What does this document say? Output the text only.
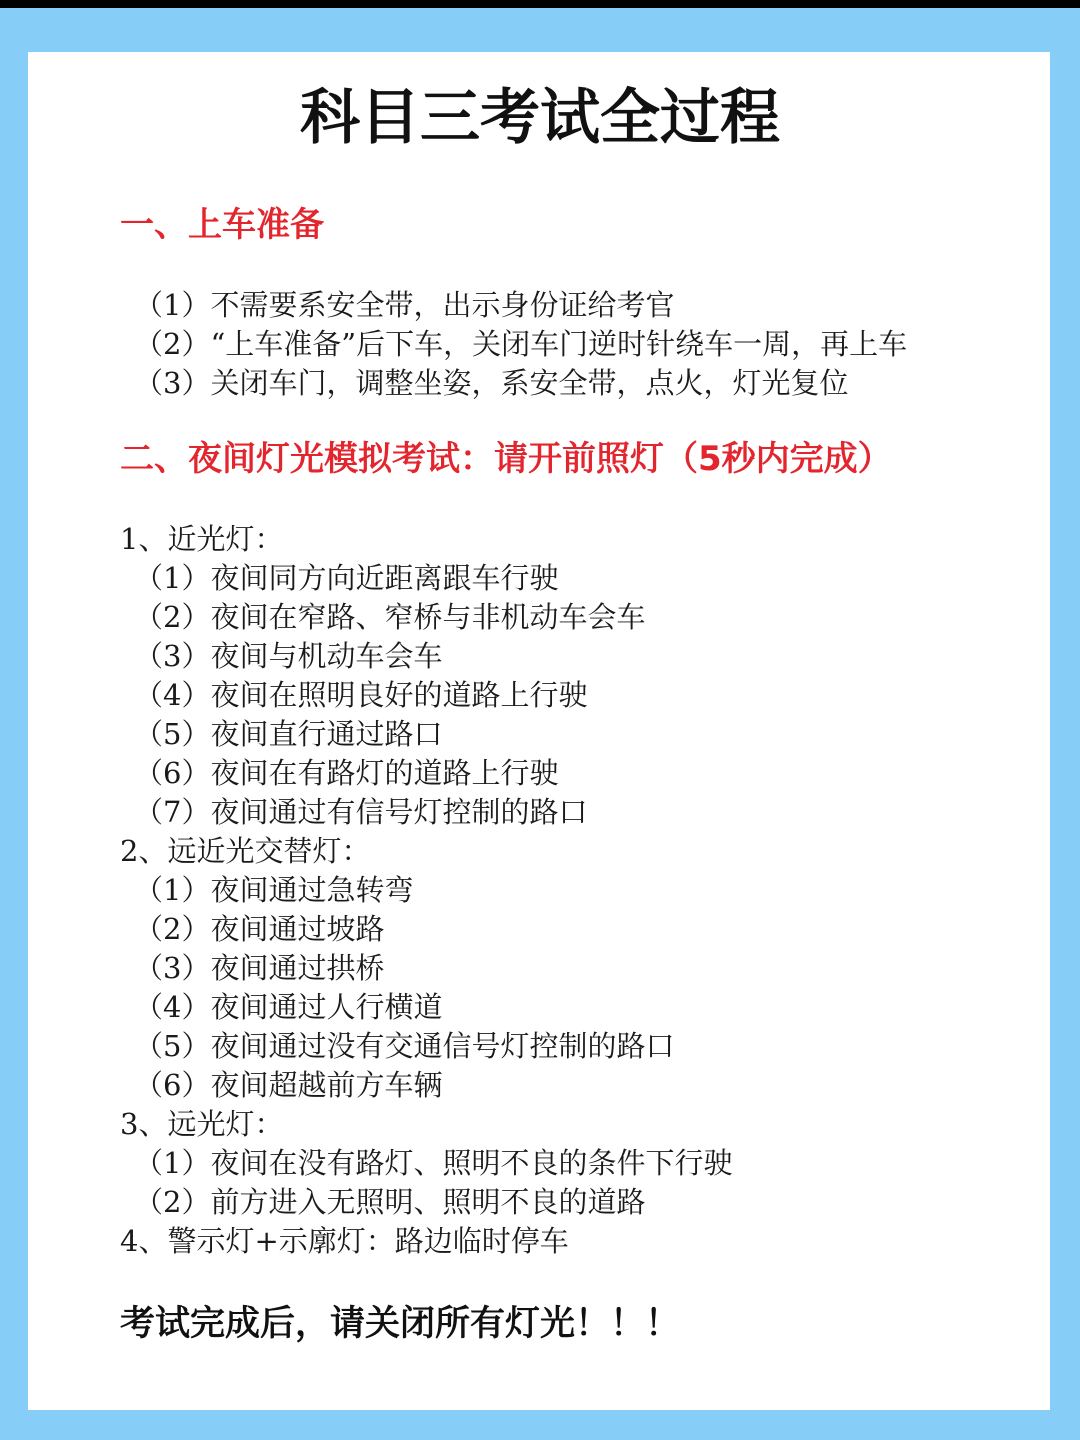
科目三考试全过程
一、上车准备
（1）不需要系安全带，出示身份证给考官
（2）“上车准备”后下车，关闭车门逆时针绕车一周，再上车
（3）关闭车门，调整坐姿，系安全带，点火，灯光复位
二、夜间灯光模拟考试：请开前照灯（5秒内完成）
1、近光灯：
（1）夜间同方向近距离跟车行驶
（2）夜间在窄路、窄桥与非机动车会车
（3）夜间与机动车会车
（4）夜间在照明良好的道路上行驶
（5）夜间直行通过路口
（6）夜间在有路灯的道路上行驶
（7）夜间通过有信号灯控制的路口
2、远近光交替灯：
（1）夜间通过急转弯
（2）夜间通过坡路
（3）夜间通过拱桥
（4）夜间通过人行横道
（5）夜间通过没有交通信号灯控制的路口
（6）夜间超越前方车辆
3、远光灯：
（1）夜间在没有路灯、照明不良的条件下行驶
（2）前方进入无照明、照明不良的道路
4、警示灯+示廓灯：路边临时停车

考试完成后，请关闭所有灯光！！！
